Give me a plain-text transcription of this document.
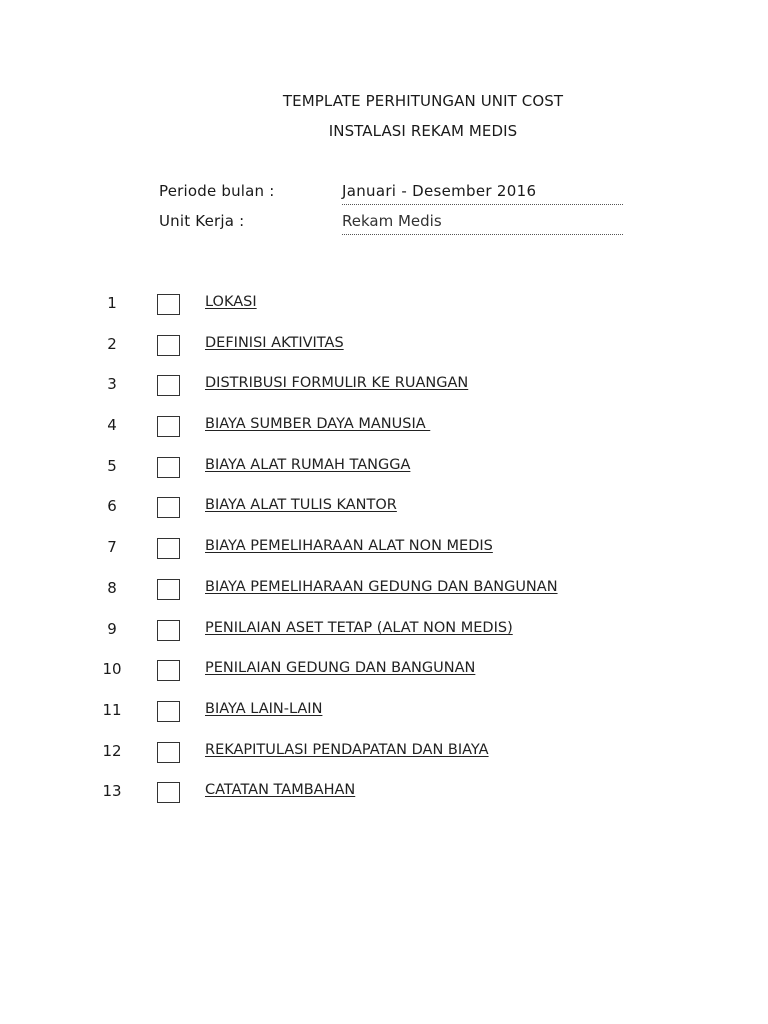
TEMPLATE PERHITUNGAN UNIT COST
INSTALASI REKAM MEDIS
Periode bulan :	Januari - Desember 2016
Unit Kerja :	Rekam Medis
1	LOKASI
2	DEFINISI AKTIVITAS
3	DISTRIBUSI FORMULIR KE RUANGAN
4	BIAYA SUMBER DAYA MANUSIA
5	BIAYA ALAT RUMAH TANGGA
6	BIAYA ALAT TULIS KANTOR
7	BIAYA PEMELIHARAAN ALAT NON MEDIS
8	BIAYA PEMELIHARAAN GEDUNG DAN BANGUNAN
9	PENILAIAN ASET TETAP (ALAT NON MEDIS)
10	PENILAIAN GEDUNG DAN BANGUNAN
11	BIAYA LAIN-LAIN
12	REKAPITULASI PENDAPATAN DAN BIAYA
13	CATATAN TAMBAHAN
